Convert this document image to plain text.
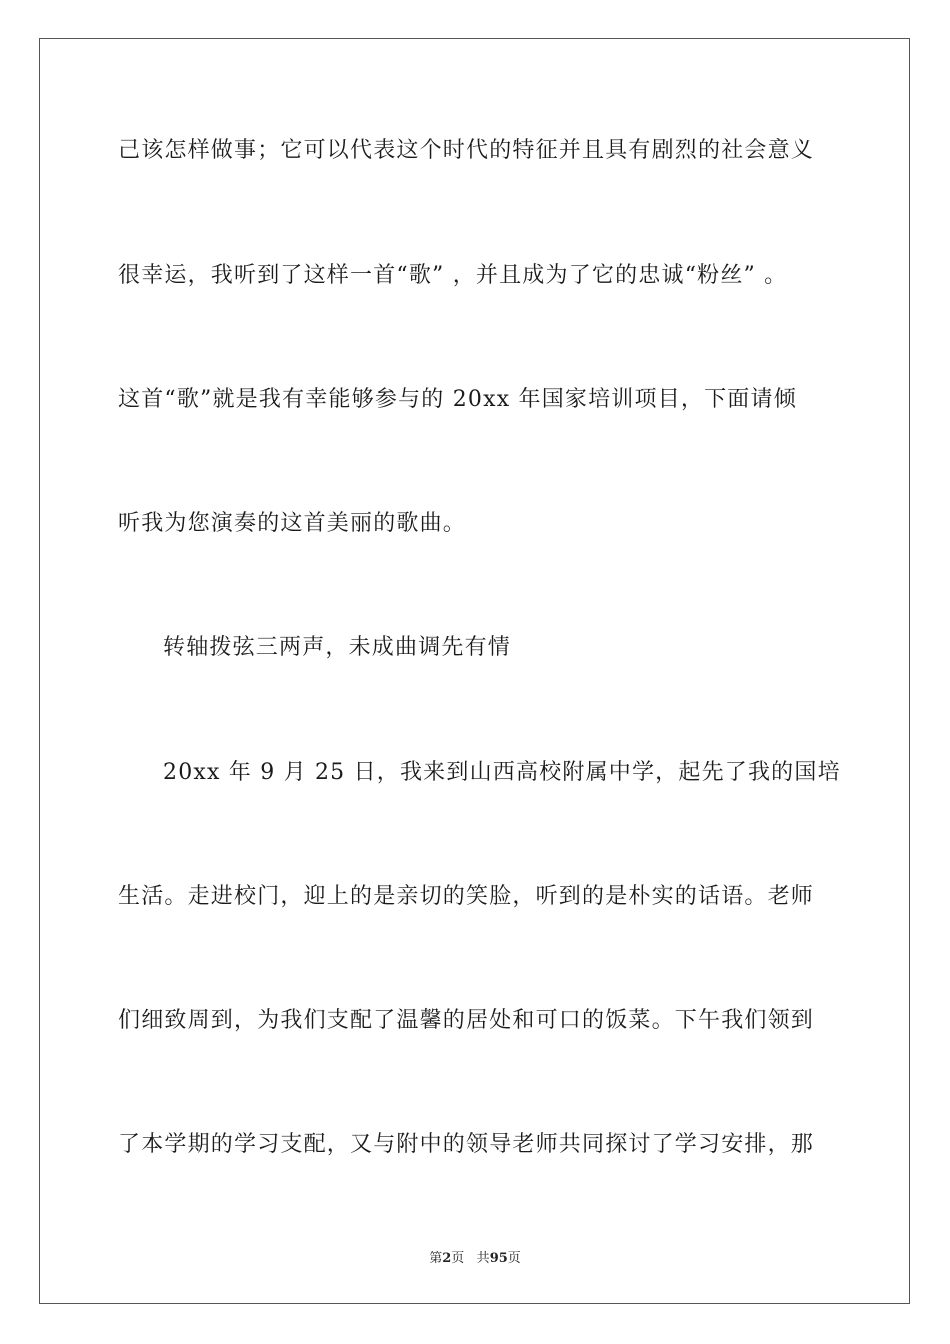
己该怎样做事；它可以代表这个时代的特征并且具有剧烈的社会意义
很幸运，我听到了这样一首“歌” ，并且成为了它的忠诚“粉丝” 。
这首“歌”就是我有幸能够参与的 20xx 年国家培训项目，下面请倾
听我为您演奏的这首美丽的歌曲。
转轴拨弦三两声，未成曲调先有情
20xx 年 9 月 25 日，我来到山西高校附属中学，起先了我的国培
生活。走进校门，迎上的是亲切的笑脸，听到的是朴实的话语。老师
们细致周到，为我们支配了温馨的居处和可口的饭菜。下午我们领到
了本学期的学习支配，又与附中的领导老师共同探讨了学习安排，那
第2页 共95页
